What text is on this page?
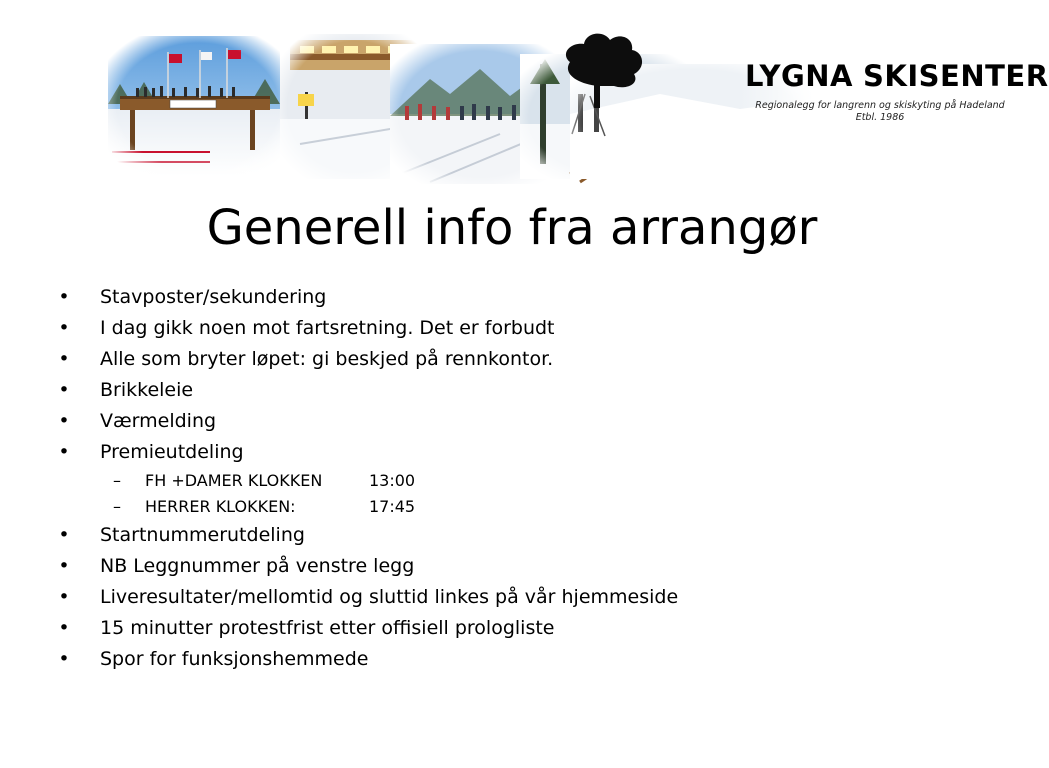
LYGNA SKISENTER
Regionalegg for langrenn og skiskyting på Hadeland
Etbl. 1986
Generell info fra arrangør
• Stavposter/sekundering
• I dag gikk noen mot fartsretning. Det er forbudt
• Alle som bryter løpet: gi beskjed på rennkontor.
• Brikkeleie
• Værmelding
• Premieutdeling
– FH +DAMER KLOKKEN	13:00
– HERRER KLOKKEN:	17:45
• Startnummerutdeling
• NB Leggnummer på venstre legg
• Liveresultater/mellomtid og sluttid linkes på vår hjemmeside
• 15 minutter protestfrist etter offisiell prologliste
• Spor for funksjonshemmede
